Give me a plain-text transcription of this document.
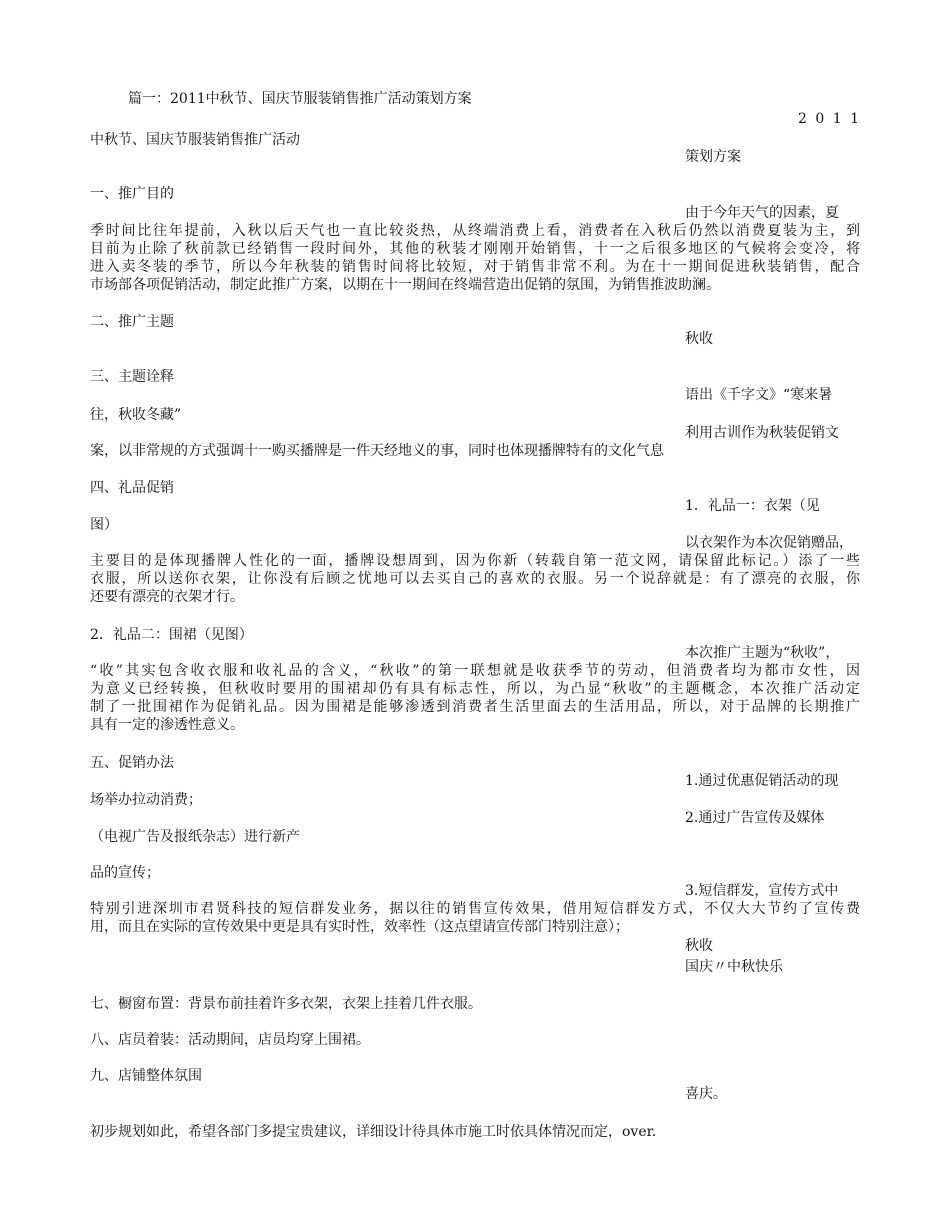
篇一：2011中秋节、国庆节服装销售推广活动策划方案
2 0 1 1
中秋节、国庆节服装销售推广活动
策划方案
一、推广目的
由于今年天气的因素，夏
季时间比往年提前，入秋以后天气也一直比较炎热，从终端消费上看，消费者在入秋后仍然以消费夏装为主，到
目前为止除了秋前款已经销售一段时间外，其他的秋装才刚刚开始销售，十一之后很多地区的气候将会变冷，将
进入卖冬装的季节，所以今年秋装的销售时间将比较短，对于销售非常不利。为在十一期间促进秋装销售，配合
市场部各项促销活动，制定此推广方案，以期在十一期间在终端营造出促销的氛围，为销售推波助澜。
二、推广主题
秋收
三、主题诠释
语出《千字文》“寒来暑
往，秋收冬藏”
利用古训作为秋装促销文
案，以非常规的方式强调十一购买播牌是一件天经地义的事，同时也体现播牌特有的文化气息
四、礼品促销
1．礼品一：衣架（见
图）
以衣架作为本次促销赠品，
主要目的是体现播牌人性化的一面，播牌设想周到，因为你新（转载自第一范文网，请保留此标记。）添了一些
衣服，所以送你衣架，让你没有后顾之忧地可以去买自己的喜欢的衣服。另一个说辞就是：有了漂亮的衣服，你
还要有漂亮的衣架才行。
2．礼品二：围裙（见图）
本次推广主题为“秋收”，
“收”其实包含收衣服和收礼品的含义，“秋收”的第一联想就是收获季节的劳动，但消费者均为都市女性，因
为意义已经转换，但秋收时要用的围裙却仍有具有标志性，所以，为凸显“秋收”的主题概念，本次推广活动定
制了一批围裙作为促销礼品。因为围裙是能够渗透到消费者生活里面去的生活用品，所以，对于品牌的长期推广
具有一定的渗透性意义。
五、促销办法
1.通过优惠促销活动的现
场举办拉动消费；
2.通过广告宣传及媒体
（电视广告及报纸杂志）进行新产
品的宣传；
3.短信群发，宣传方式中
特别引进深圳市君贤科技的短信群发业务，据以往的销售宣传效果，借用短信群发方式，不仅大大节约了宣传费
用，而且在实际的宣传效果中更是具有实时性，效率性（这点望请宣传部门特别注意）；
秋收
国庆〃中秋快乐
七、橱窗布置：背景布前挂着许多衣架，衣架上挂着几件衣服。
八、店员着装：活动期间，店员均穿上围裙。
九、店铺整体氛围
喜庆。
初步规划如此，希望各部门多提宝贵建议，详细设计待具体市施工时依具体情况而定，over.
